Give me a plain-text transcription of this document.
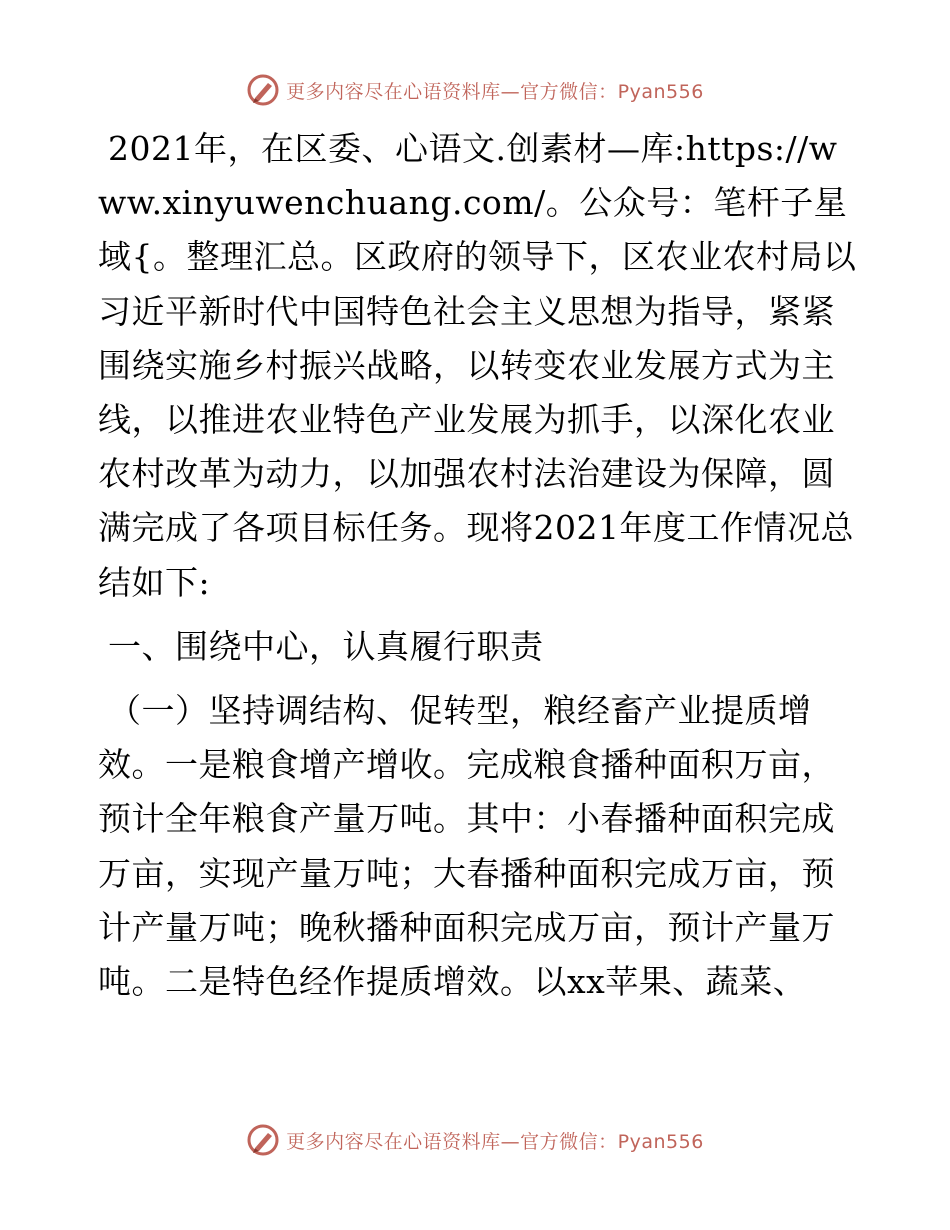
更多内容尽在心语资料库—官方微信：Pyan556

2021年，在区委、心语文.创素材—库:https://www.xinyuwenchuang.com/。公众号：笔杆子星域{。整理汇总。区政府的领导下，区农业农村局以习近平新时代中国特色社会主义思想为指导，紧紧围绕实施乡村振兴战略，以转变农业发展方式为主线，以推进农业特色产业发展为抓手，以深化农业农村改革为动力，以加强农村法治建设为保障，圆满完成了各项目标任务。现将2021年度工作情况总结如下:

一、围绕中心，认真履行职责

（一）坚持调结构、促转型，粮经畜产业提质增效。一是粮食增产增收。完成粮食播种面积万亩，预计全年粮食产量万吨。其中：小春播种面积完成万亩，实现产量万吨；大春播种面积完成万亩，预计产量万吨；晚秋播种面积完成万亩，预计产量万吨。二是特色经作提质增效。以xx苹果、蔬菜、

更多内容尽在心语资料库—官方微信：Pyan556
